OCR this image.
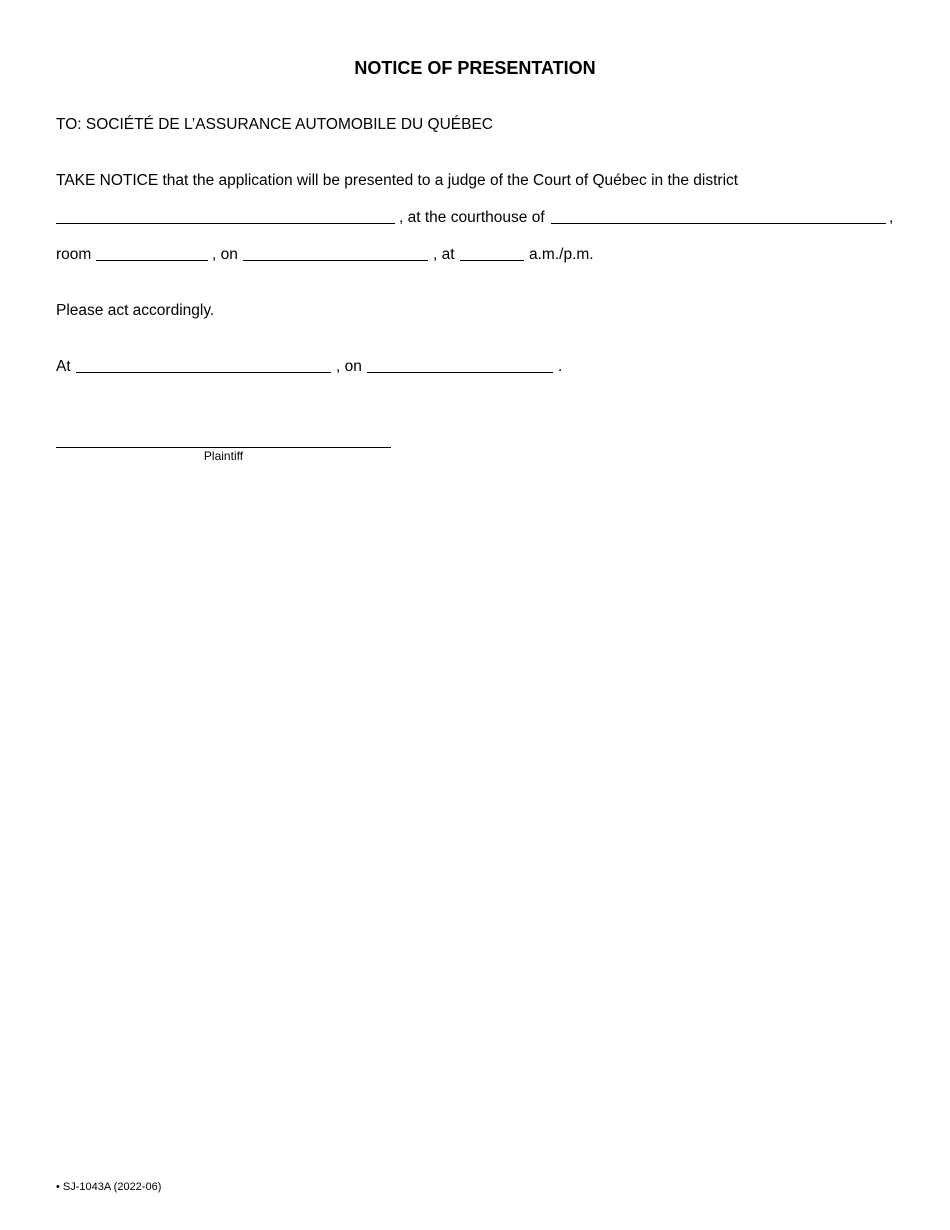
NOTICE OF PRESENTATION
TO: SOCIÉTÉ DE L’ASSURANCE AUTOMOBILE DU QUÉBEC
TAKE NOTICE that the application will be presented to a judge of the Court of Québec in the district
, at the courthouse of	,
room	, on	, at	a.m./p.m.
Please act accordingly.
At	, on	.
Plaintiff
• SJ-1043A (2022-06)
